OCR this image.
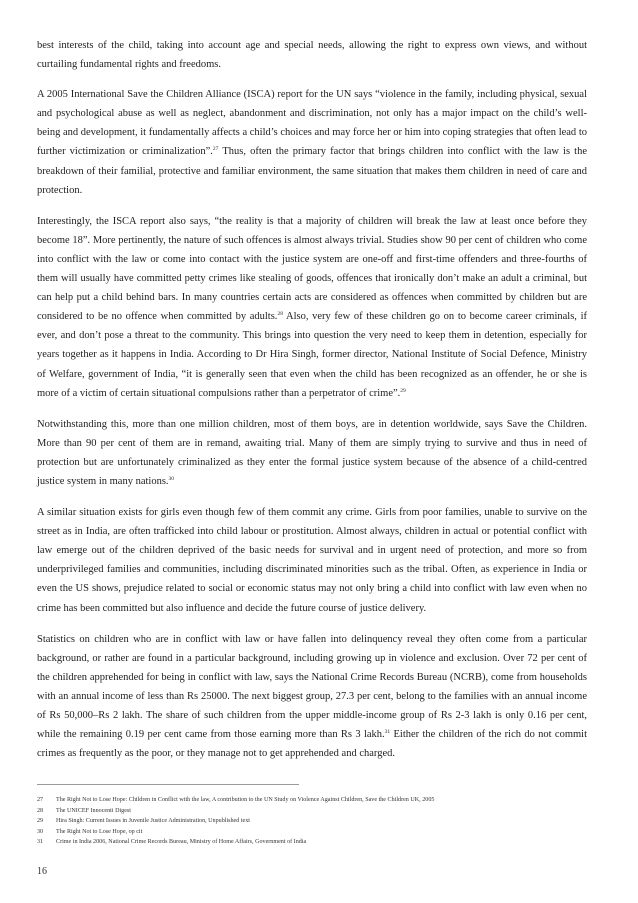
best interests of the child, taking into account age and special needs, allowing the right to express own views, and without curtailing fundamental rights and freedoms.

A 2005 International Save the Children Alliance (ISCA) report for the UN says “violence in the family, including physical, sexual and psychological abuse as well as neglect, abandonment and discrimination, not only has a major impact on the child’s well-being and development, it fundamentally affects a child’s choices and may force her or him into coping strategies that often lead to further victimization or criminalization”.$^{27}$ Thus, often the primary factor that brings children into conflict with the law is the breakdown of their familial, protective and familiar environment, the same situation that makes them children in need of care and protection.

Interestingly, the ISCA report also says, “the reality is that a majority of children will break the law at least once before they become 18”. More pertinently, the nature of such offences is almost always trivial. Studies show 90 per cent of children who come into conflict with the law or come into contact with the justice system are one-off and first-time offenders and three-fourths of them will usually have committed petty crimes like stealing of goods, offences that ironically don’t make an adult a criminal, but can help put a child behind bars. In many countries certain acts are considered as offences when committed by children but are considered to be no offence when committed by adults.$^{28}$ Also, very few of these children go on to become career criminals, if ever, and don’t pose a threat to the community. This brings into question the very need to keep them in detention, especially for years together as it happens in India. According to Dr Hira Singh, former director, National Institute of Social Defence, Ministry of Welfare, government of India, “it is generally seen that even when the child has been recognized as an offender, he or she is more of a victim of certain situational compulsions rather than a perpetrator of crime”.$^{29}$

Notwithstanding this, more than one million children, most of them boys, are in detention worldwide, says Save the Children. More than 90 per cent of them are in remand, awaiting trial. Many of them are simply trying to survive and thus in need of protection but are unfortunately criminalized as they enter the formal justice system because of the absence of a child-centred justice system in many nations.$^{30}$

A similar situation exists for girls even though few of them commit any crime. Girls from poor families, unable to survive on the street as in India, are often trafficked into child labour or prostitution. Almost always, children in actual or potential conflict with law emerge out of the children deprived of the basic needs for survival and in urgent need of protection, and more so from underprivileged families and communities, including discriminated minorities such as the tribal. Often, as experience in India or even the US shows, prejudice related to social or economic status may not only bring a child into conflict with law even when no crime has been committed but also influence and decide the future course of justice delivery.

Statistics on children who are in conflict with law or have fallen into delinquency reveal they often come from a particular background, or rather are found in a particular background, including growing up in violence and exclusion. Over 72 per cent of the children apprehended for being in conflict with law, says the National Crime Records Bureau (NCRB), come from households with an annual income of less than Rs 25000. The next biggest group, 27.3 per cent, belong to the families with an annual income of Rs 50,000–Rs 2 lakh. The share of such children from the upper middle-income group of Rs 2-3 lakh is only 0.16 per cent, while the remaining 0.19 per cent came from those earning more than Rs 3 lakh.$^{31}$ Either the children of the rich do not commit crimes as frequently as the poor, or they manage not to get apprehended and charged.

27	The Right Not to Lose Hope: Children in Conflict with the law, A contribution to the UN Study on Violence Against Children, Save the Children UK, 2005
28	The UNICEF Innocenti Digest
29	Hira Singh: Current Issues in Juvenile Justice Administration, Unpublished text
30	The Right Not to Lose Hope, op cit
31	Crime in India 2006, National Crime Records Bureau, Ministry of Home Affairs, Government of India
16
